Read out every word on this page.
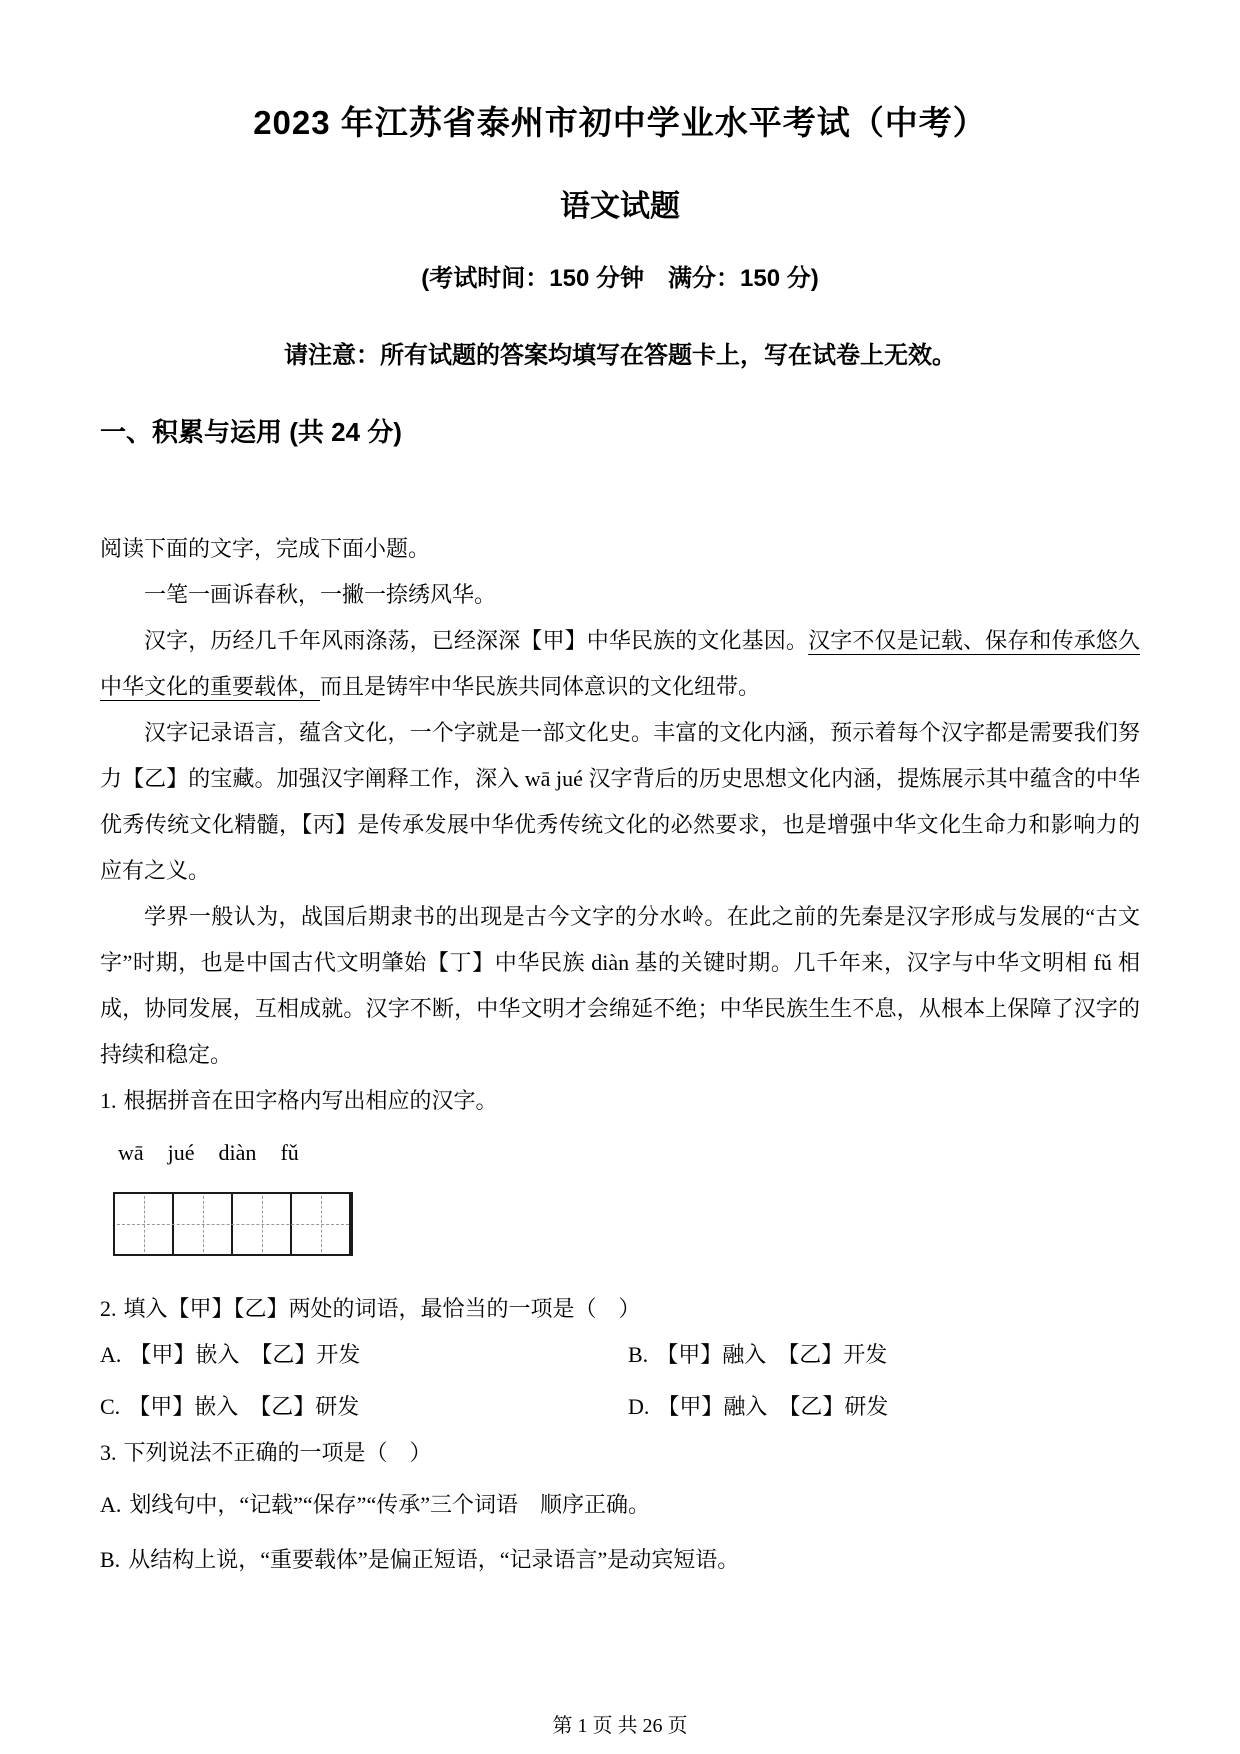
2023 年江苏省泰州市初中学业水平考试（中考）
语文试题
(考试时间：150 分钟　满分：150 分)
请注意：所有试题的答案均填写在答题卡上，写在试卷上无效。
一、积累与运用 (共 24 分)

阅读下面的文字，完成下面小题。

一笔一画诉春秋，一撇一捺绣风华。

汉字，历经几千年风雨涤荡，已经深深【甲】中华民族的文化基因。汉字不仅是记载、保存和传承悠久中华文化的重要载体，而且是铸牢中华民族共同体意识的文化纽带。

汉字记录语言，蕴含文化，一个字就是一部文化史。丰富的文化内涵，预示着每个汉字都是需要我们努力【乙】的宝藏。加强汉字阐释工作，深入 wā jué 汉字背后的历史思想文化内涵，提炼展示其中蕴含的中华优秀传统文化精髓，【丙】是传承发展中华优秀传统文化的必然要求，也是增强中华文化生命力和影响力的应有之义。

学界一般认为，战国后期隶书的出现是古今文字的分水岭。在此之前的先秦是汉字形成与发展的“古文字”时期，也是中国古代文明肇始【丁】中华民族 diàn 基的关键时期。几千年来，汉字与中华文明相 fǔ 相成，协同发展，互相成就。汉字不断，中华文明才会绵延不绝；中华民族生生不息，从根本上保障了汉字的持续和稳定。

1. 根据拼音在田字格内写出相应的汉字。

wā jué diàn fǔ

2. 填入【甲】【乙】两处的词语，最恰当的一项是（　）

A. 【甲】嵌入　【乙】开发	B. 【甲】融入　【乙】开发
C. 【甲】嵌入　【乙】研发	D. 【甲】融入　【乙】研发

3. 下列说法不正确的一项是（　）

A. 划线句中，“记载”“保存”“传承”三个词语　顺序正确。

B. 从结构上说，“重要载体”是偏正短语，“记录语言”是动宾短语。

第 1 页 共 26 页
